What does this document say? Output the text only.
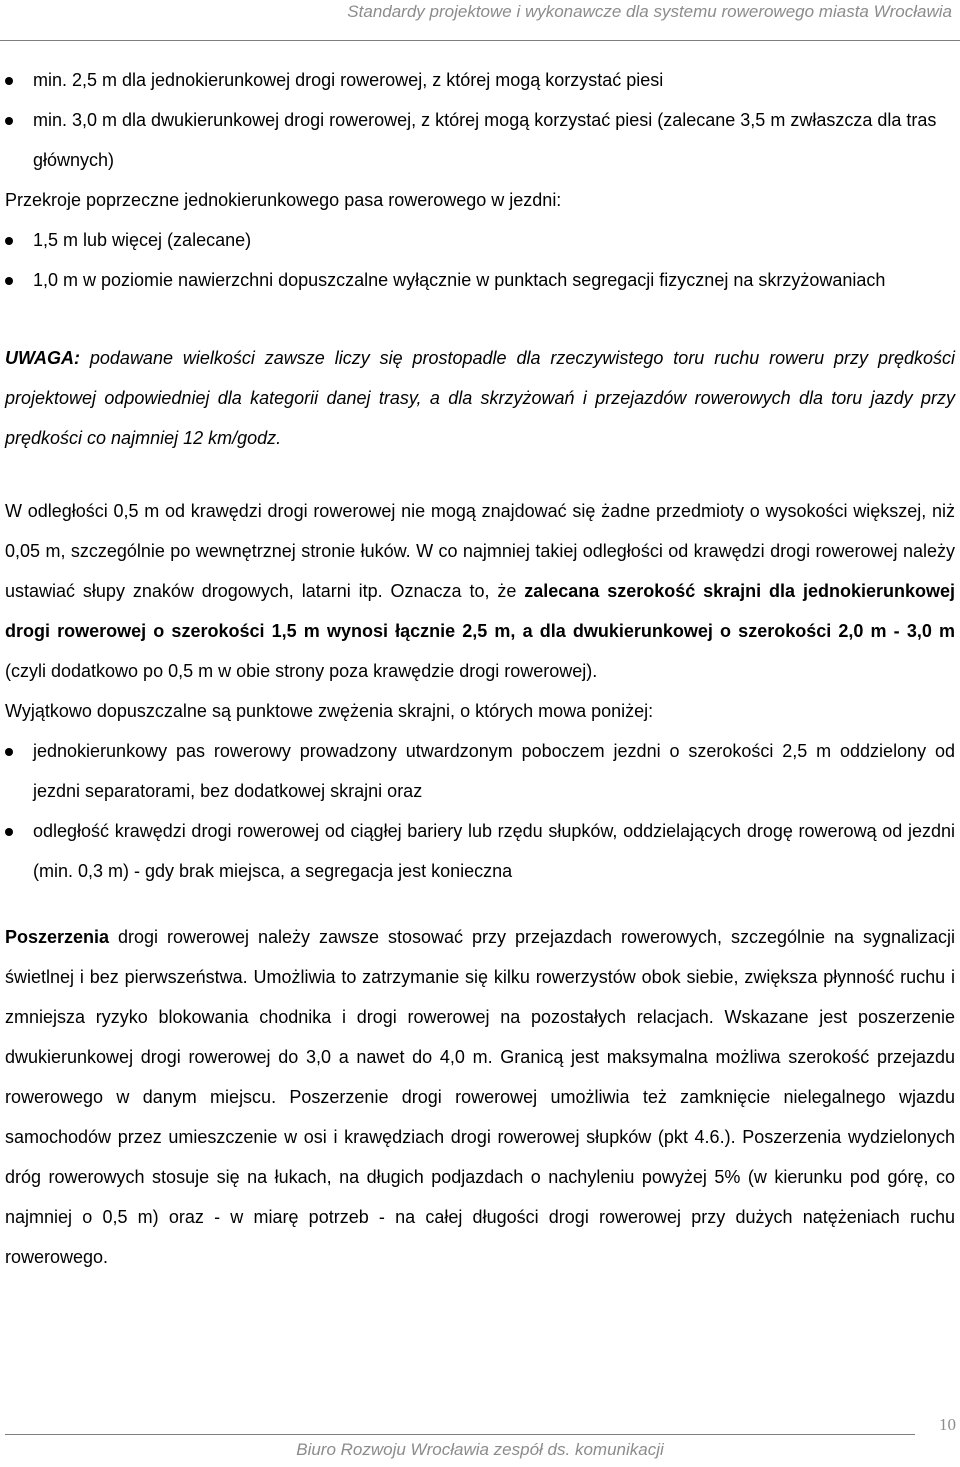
Standardy projektowe i wykonawcze dla systemu rowerowego miasta Wrocławia
min. 2,5 m dla jednokierunkowej drogi rowerowej, z której mogą korzystać piesi
min. 3,0 m dla dwukierunkowej drogi rowerowej, z której mogą korzystać piesi (zalecane 3,5 m zwłaszcza dla tras głównych)

Przekroje poprzeczne jednokierunkowego pasa rowerowego w jezdni:

1,5 m lub więcej (zalecane)
1,0 m w poziomie nawierzchni dopuszczalne wyłącznie w punktach segregacji fizycznej na skrzyżowaniach

UWAGA: podawane wielkości zawsze liczy się prostopadle dla rzeczywistego toru ruchu roweru przy prędkości projektowej odpowiedniej dla kategorii danej trasy, a dla skrzyżowań i przejazdów rowerowych dla toru jazdy przy prędkości co najmniej 12 km/godz.

W odległości 0,5 m od krawędzi drogi rowerowej nie mogą znajdować się żadne przedmioty o wysokości większej, niż 0,05 m, szczególnie po wewnętrznej stronie łuków. W co najmniej takiej odległości od krawędzi drogi rowerowej należy ustawiać słupy znaków drogowych, latarni itp. Oznacza to, że zalecana szerokość skrajni dla jednokierunkowej drogi rowerowej o szerokości 1,5 m wynosi łącznie 2,5 m, a dla dwukierunkowej o szerokości 2,0 m - 3,0 m (czyli dodatkowo po 0,5 m w obie strony poza krawędzie drogi rowerowej).

Wyjątkowo dopuszczalne są punktowe zwężenia skrajni, o których mowa poniżej:

jednokierunkowy pas rowerowy prowadzony utwardzonym poboczem jezdni o szerokości 2,5 m oddzielony od jezdni separatorami, bez dodatkowej skrajni oraz
odległość krawędzi drogi rowerowej od ciągłej bariery lub rzędu słupków, oddzielających drogę rowerową od jezdni (min. 0,3 m) - gdy brak miejsca, a segregacja jest konieczna

Poszerzenia drogi rowerowej należy zawsze stosować przy przejazdach rowerowych, szczególnie na sygnalizacji świetlnej i bez pierwszeństwa. Umożliwia to zatrzymanie się kilku rowerzystów obok siebie, zwiększa płynność ruchu i zmniejsza ryzyko blokowania chodnika i drogi rowerowej na pozostałych relacjach. Wskazane jest poszerzenie dwukierunkowej drogi rowerowej do 3,0 a nawet do 4,0 m. Granicą jest maksymalna możliwa szerokość przejazdu rowerowego w danym miejscu. Poszerzenie drogi rowerowej umożliwia też zamknięcie nielegalnego wjazdu samochodów przez umieszczenie w osi i krawędziach drogi rowerowej słupków (pkt 4.6.). Poszerzenia wydzielonych dróg rowerowych stosuje się na łukach, na długich podjazdach o nachyleniu powyżej 5% (w kierunku pod górę, co najmniej o 0,5 m) oraz - w miarę potrzeb - na całej długości drogi rowerowej przy dużych natężeniach ruchu rowerowego.

10
Biuro Rozwoju Wrocławia zespół ds. komunikacji
